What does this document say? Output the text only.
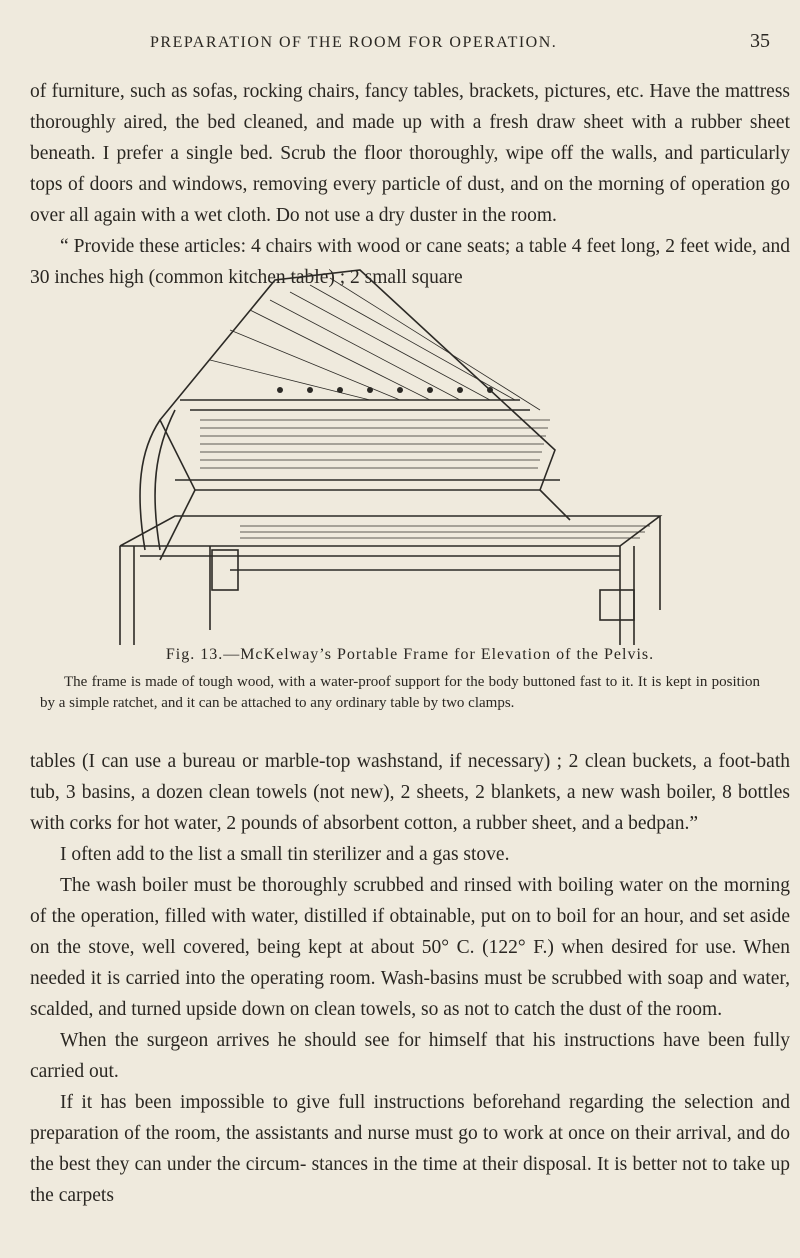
PREPARATION OF THE ROOM FOR OPERATION.	35

of furniture, such as sofas, rocking chairs, fancy tables, brackets, pictures, etc. Have the mattress thoroughly aired, the bed cleaned, and made up with a fresh draw sheet with a rubber sheet beneath. I prefer a single bed. Scrub the floor thoroughly, wipe off the walls, and particularly tops of doors and windows, removing every particle of dust, and on the morning of operation go over all again with a wet cloth. Do not use a dry duster in the room.

“ Provide these articles: 4 chairs with wood or cane seats; a table 4 feet long, 2 feet wide, and 30 inches high (common kitchen table) ; 2 small square

Fig. 13.—McKelway’s Portable Frame for Elevation of the Pelvis.
The frame is made of tough wood, with a water-proof support for the body buttoned fast to it. It is kept in position by a simple ratchet, and it can be attached to any ordinary table by two clamps.

tables (I can use a bureau or marble-top washstand, if necessary) ; 2 clean buckets, a foot-bath tub, 3 basins, a dozen clean towels (not new), 2 sheets, 2 blankets, a new wash boiler, 8 bottles with corks for hot water, 2 pounds of absorbent cotton, a rubber sheet, and a bedpan.”

I often add to the list a small tin sterilizer and a gas stove.

The wash boiler must be thoroughly scrubbed and rinsed with boiling water on the morning of the operation, filled with water, distilled if obtainable, put on to boil for an hour, and set aside on the stove, well covered, being kept at about 50° C. (122° F.) when desired for use. When needed it is carried into the operating room. Wash-basins must be scrubbed with soap and water, scalded, and turned upside down on clean towels, so as not to catch the dust of the room.

When the surgeon arrives he should see for himself that his instructions have been fully carried out.

If it has been impossible to give full instructions beforehand regarding the selection and preparation of the room, the assistants and nurse must go to work at once on their arrival, and do the best they can under the circum- stances in the time at their disposal. It is better not to take up the carpets
